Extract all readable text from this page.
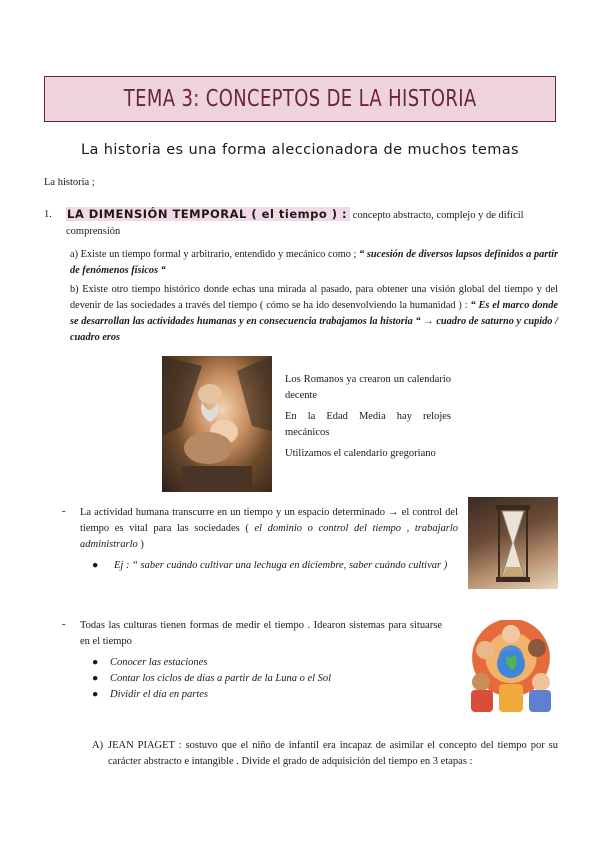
TEMA 3: CONCEPTOS DE LA HISTORIA
La historia es una forma aleccionadora de muchos temas
La historia ;
1. LA DIMENSIÓN TEMPORAL ( el tiempo ) : concepto abstracto, complejo y de difícil comprensión
a) Existe un tiempo formal y arbitrario, entendido y mecánico como ; “ sucesión de diversos lapsos definidos a partir de fenómenos físicos “
b) Existe otro tiempo histórico donde echas una mirada al pasado, para obtener una visión global del tiempo y del devenir de las sociedades a través del tiempo ( cómo se ha ido desenvolviendo la humanidad ) : “ Es el marco donde se desarrollan las actividades humanas y en consecuencia trabajamos la historia “ → cuadro de saturno y cupido / cuadro eros

Los Romanos ya crearon un calendario decente

En la Edad Media hay relojes mecánicos

Utilizamos el calendario gregoriano

- La actividad humana transcurre en un tiempo y un espacio determinado → el control del tiempo es vital para las sociedades ( el dominio o control del tiempo , trabajarlo administrarlo )
● Ej : “ saber cuándo cultivar una lechuga en diciembre, saber cuándo cultivar )
- Todas las culturas tienen formas de medir el tiempo . Idearon sistemas para situarse en el tiempo
● Conocer las estaciones
● Contar los ciclos de días a partir de la Luna o el Sol
● Dividir el día en partes
A) JEAN PIAGET : sostuvo que el niño de infantil era incapaz de asimilar el concepto del tiempo por su carácter abstracto e intangible . Divide el grado de adquisición del tiempo en 3 etapas :
